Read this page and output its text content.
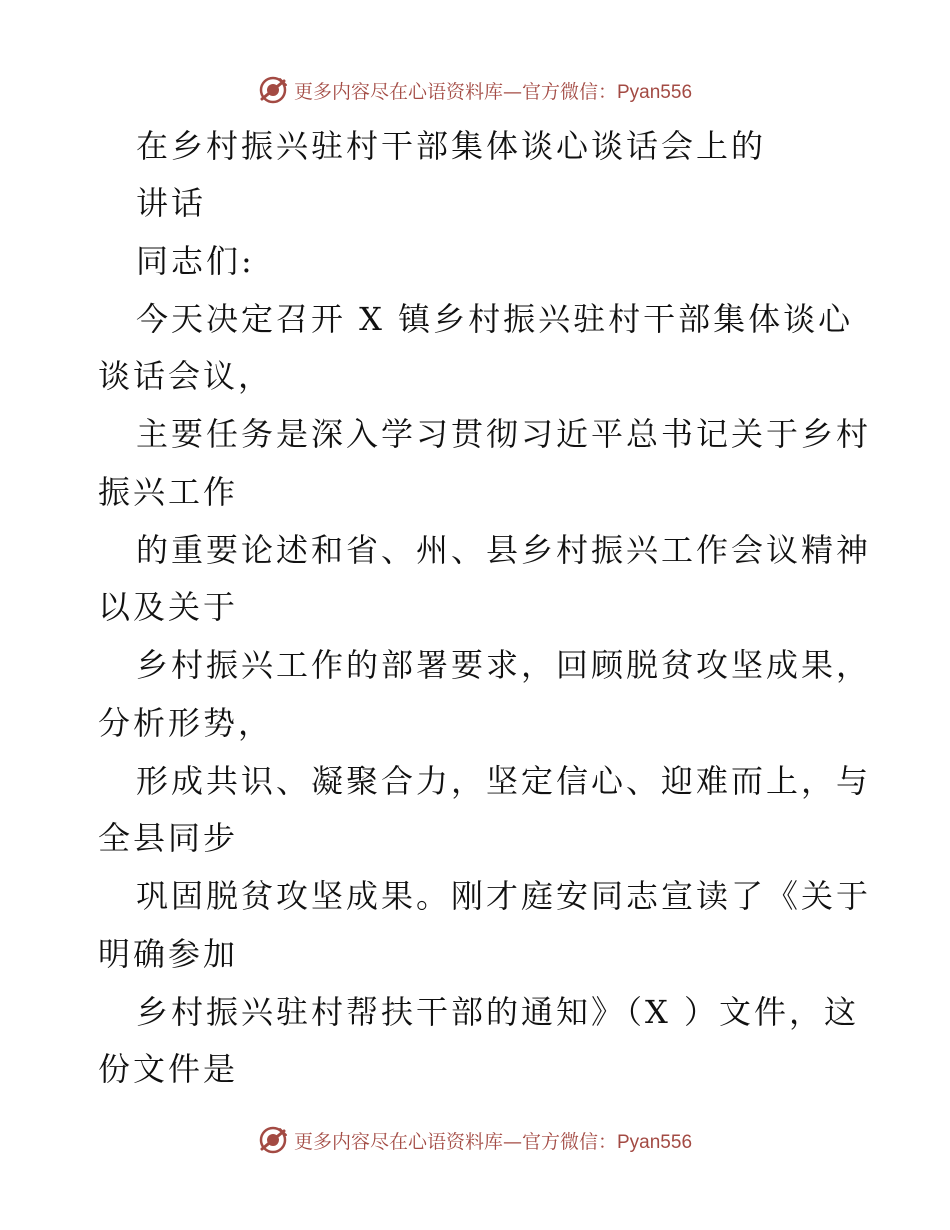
更多内容尽在心语资料库—官方微信：Pyan556
在乡村振兴驻村干部集体谈心谈话会上的
讲话
同志们:
今天决定召开 X 镇乡村振兴驻村干部集体谈心
谈话会议，
主要任务是深入学习贯彻习近平总书记关于乡村
振兴工作
的重要论述和省、州、县乡村振兴工作会议精神
以及关于
乡村振兴工作的部署要求，回顾脱贫攻坚成果，
分析形势，
形成共识、凝聚合力，坚定信心、迎难而上，与
全县同步
巩固脱贫攻坚成果。刚才庭安同志宣读了《关于
明确参加
乡村振兴驻村帮扶干部的通知》（X ）文件，这
份文件是
更多内容尽在心语资料库—官方微信：Pyan556
